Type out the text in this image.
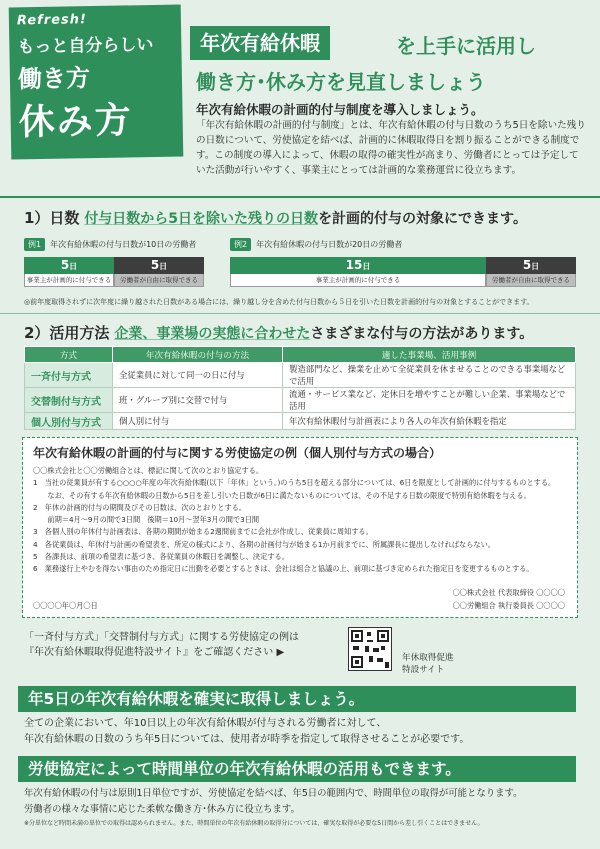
Refresh!
もっと自分らしい
働き方
休み方
年次有給休暇	を上手に活用し
働き方･休み方を見直しましょう
年次有給休暇の計画的付与制度を導入しましょう。
「年次有給休暇の計画的付与制度」とは、年次有給休暇の付与日数のうち5日を除いた残りの日数について、労使協定を結べば、計画的に休暇取得日を割り振ることができる制度です。この制度の導入によって、休暇の取得の確実性が高まり、労働者にとっては予定していた活動が行いやすく、事業主にとっては計画的な業務運営に役立ちます。
1）日数 付与日数から5日を除いた残りの日数を計画的付与の対象にできます。
例1	年次有給休暇の付与日数が10日の労働者	例2	年次有給休暇の付与日数が20日の労働者
5日
事業主が計画的に付与できる
5日
労働者が自由に取得できる
15日
事業主が計画的に付与できる
5日
労働者が自由に取得できる
◎前年度取得されずに次年度に繰り越された日数がある場合には、繰り越し分を含めた付与日数から５日を引いた日数を計画的付与の対象とすることができます。
2）活用方法 企業、事業場の実態に合わせたさまざまな付与の方法があります。
方式	年次有給休暇の付与の方法	適した事業場、活用事例
一斉付与方式	全従業員に対して同一の日に付与	製造部門など、操業を止めて全従業員を休ませることのできる事業場などで活用
交替制付与方式	班・グループ別に交替で付与	流通・サービス業など、定休日を増やすことが難しい企業、事業場などで活用
個人別付与方式	個人別に付与	年次有給休暇付与計画表により各人の年次有給休暇を指定
年次有給休暇の計画的付与に関する労使協定の例（個人別付与方式の場合）
〇〇株式会社と〇〇労働組合とは、標記に関して次のとおり協定する。
1　当社の従業員が有する○○○○年度の年次有給休暇(以下「年休」という。)のうち5日を超える部分については、6日を限度として計画的に付与するものとする。
　　なお、その有する年次有給休暇の日数から5日を差し引いた日数が6日に満たないものについては、その不足する日数の限度で特別有給休暇を与える。
2　年休の計画的付与の期間及びその日数は、次のとおりとする。
　　前期＝4月～9月の間で3日間　後期＝10月～翌年3月の間で3日間
3　各個人別の年休付与計画表は、各期の期間が始まる2週間前までに会社が作成し、従業員に周知する。
4　各従業員は、年休付与計画の希望表を、所定の様式により、各期の計画付与が始まる1か月前までに、所属課長に提出しなければならない。
5　各課長は、前項の希望表に基づき、各従業員の休暇日を調整し、決定する。
6　業務遂行上やむを得ない事由のため指定日に出勤を必要とするときは、会社は組合と協議の上、前項に基づき定められた指定日を変更するものとする。
〇〇〇〇年〇月〇日
〇〇株式会社 代表取締役 〇〇〇〇
〇〇労働組合 執行委員長 〇〇〇〇
「一斉付与方式」「交替制付与方式」に関する労使協定の例は
『年次有給休暇取得促進特設サイト』をご確認ください ▶	年休取得促進
特設サイト
年5日の年次有給休暇を確実に取得しましょう。
全ての企業において、年10日以上の年次有給休暇が付与される労働者に対して、
年次有給休暇の日数のうち年5日については、使用者が時季を指定して取得させることが必要です。
労使協定によって時間単位の年次有給休暇の活用もできます。
年次有給休暇の付与は原則1日単位ですが、労使協定を結べば、年5日の範囲内で、時間単位の取得が可能となります。
労働者の様々な事情に応じた柔軟な働き方･休み方に役立ちます。
※分単位など時間未満の単位での取得は認められません。また、時間単位の年次有給休暇の取得分については、確実な取得が必要な5日間から差し引くことはできません。
